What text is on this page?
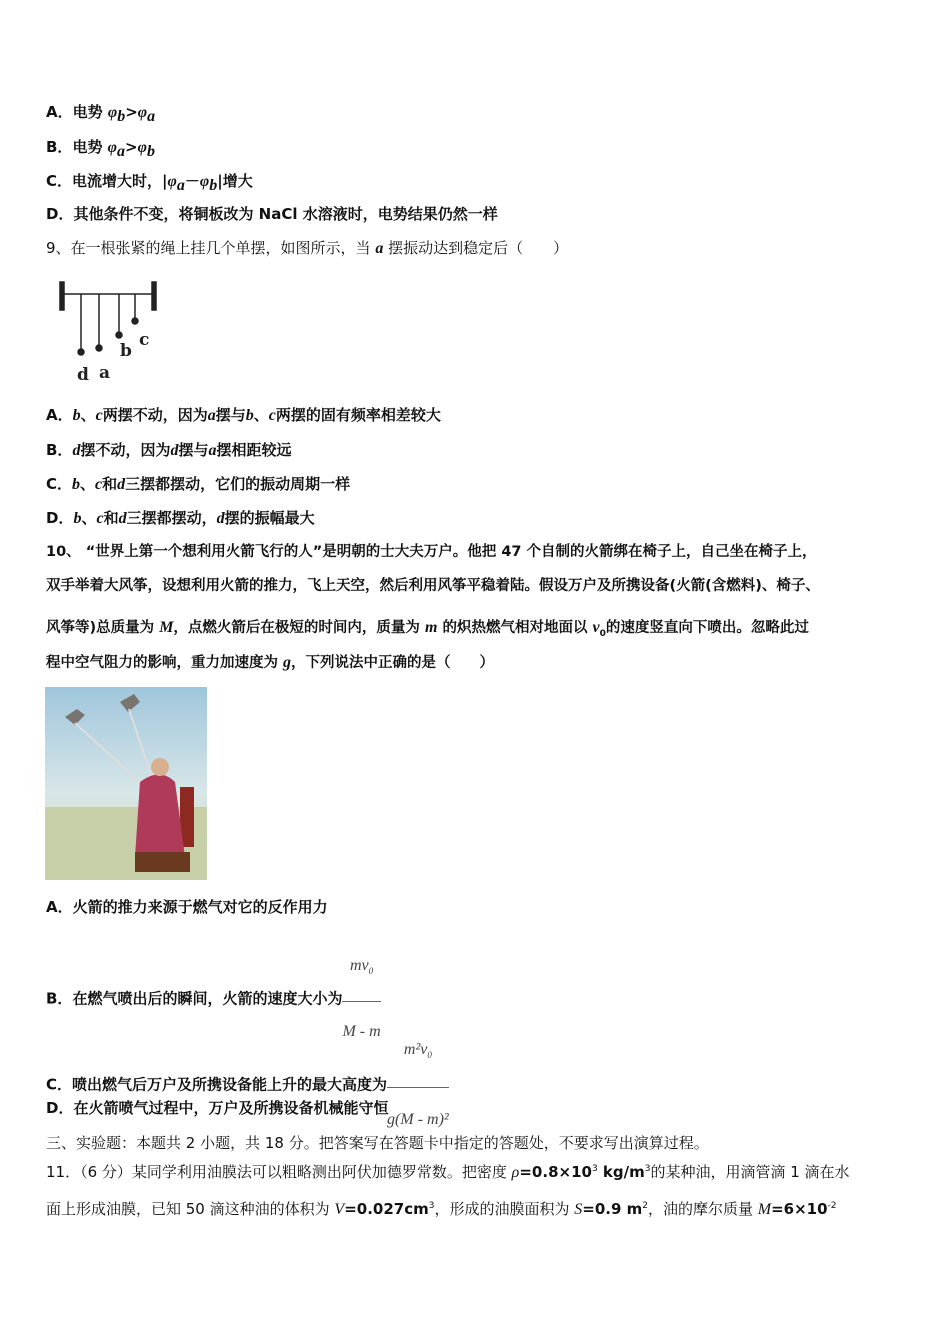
A．电势 $\varphi_b>\varphi_a$
B．电势 $\varphi_a>\varphi_b$
C．电流增大时，$|\varphi_a-\varphi_b|$增大
D．其他条件不变，将铜板改为 NaCl 水溶液时，电势结果仍然一样
9、在一根张紧的绳上挂几个单摆，如图所示，当 a 摆振动达到稳定后（　　）
d a
b
c
A．b、c两摆不动，因为a摆与b、c两摆的固有频率相差较大
B．d摆不动，因为d摆与a摆相距较远
C．b、c和d三摆都摆动，它们的振动周期一样
D．b、c和d三摆都摆动，d摆的振幅最大
10、 “世界上第一个想利用火箭飞行的人”是明朝的士大夫万户。他把 47 个自制的火箭绑在椅子上，自己坐在椅子上，
双手举着大风筝，设想利用火箭的推力，飞上天空，然后利用风筝平稳着陆。假设万户及所携设备(火箭(含燃料)、椅子、
风筝等)总质量为 M，点燃火箭后在极短的时间内，质量为 m 的炽热燃气相对地面以 $v_0$的速度竖直向下喷出。忽略此过
程中空气阻力的影响，重力加速度为 g，下列说法中正确的是（　　）
A．火箭的推力来源于燃气对它的反作用力
B．在燃气喷出后的瞬间，火箭的速度大小为 $\frac{mv_0}{M - m}$
C．喷出燃气后万户及所携设备能上升的最大高度为 $\frac{m^2v_0}{\text{g(M - m)²}}$
D．在火箭喷气过程中，万户及所携设备机械能守恒
三、实验题：本题共 2 小题，共 18 分。把答案写在答题卡中指定的答题处，不要求写出演算过程。
11．（6 分）某同学利用油膜法可以粗略测出阿伏加德罗常数。把密度 $\rho=0.8\times 10^3$ $kg/m^3$的某种油，用滴管滴 1 滴在水
面上形成油膜，已知 50 滴这种油的体积为 $V=0.027cm^3$，形成的油膜面积为 S=0.9 $m^2$，油的摩尔质量 $M=6\times 10^{-2}$
